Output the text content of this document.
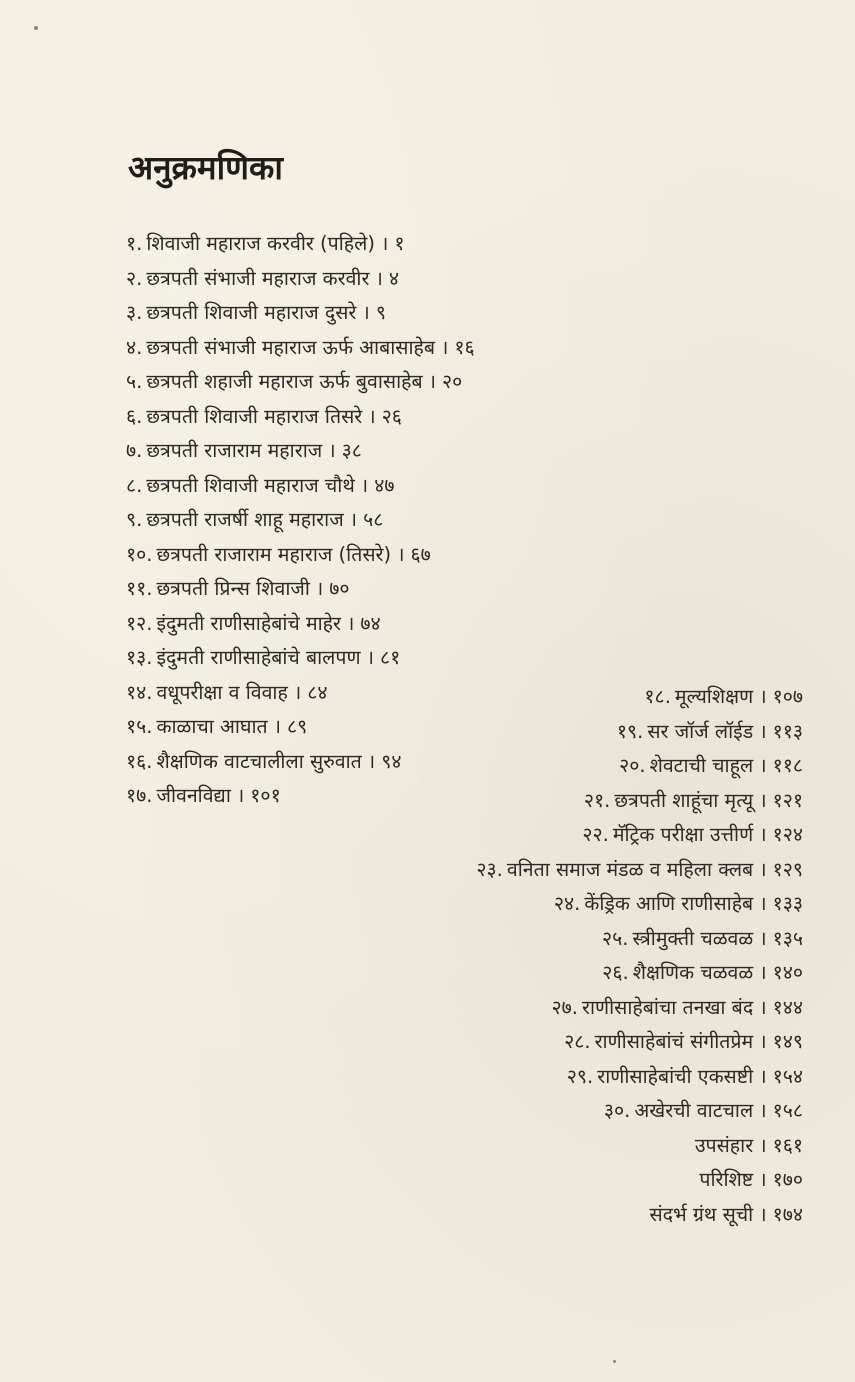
अनुक्रमणिका
१. शिवाजी महाराज करवीर (पहिले) । १
२. छत्रपती संभाजी महाराज करवीर । ४
३. छत्रपती शिवाजी महाराज दुसरे । ९
४. छत्रपती संभाजी महाराज ऊर्फ आबासाहेब । १६
५. छत्रपती शहाजी महाराज ऊर्फ बुवासाहेब । २०
६. छत्रपती शिवाजी महाराज तिसरे । २६
७. छत्रपती राजाराम महाराज । ३८
८. छत्रपती शिवाजी महाराज चौथे । ४७
९. छत्रपती राजर्षी शाहू महाराज । ५८
१०. छत्रपती राजाराम महाराज (तिसरे) । ६७
११. छत्रपती प्रिन्स शिवाजी । ७०
१२. इंदुमती राणीसाहेबांचे माहेर । ७४
१३. इंदुमती राणीसाहेबांचे बालपण । ८१
१४. वधूपरीक्षा व विवाह । ८४
१५. काळाचा आघात । ८९
१६. शैक्षणिक वाटचालीला सुरुवात । ९४
१७. जीवनविद्या । १०१
१८. मूल्यशिक्षण । १०७
१९. सर जॉर्ज लॉईड । ११३
२०. शेवटाची चाहूल । ११८
२१. छत्रपती शाहूंचा मृत्यू । १२१
२२. मॅट्रिक परीक्षा उत्तीर्ण । १२४
२३. वनिता समाज मंडळ व महिला क्लब । १२९
२४. केंड्रिक आणि राणीसाहेब । १३३
२५. स्त्रीमुक्ती चळवळ । १३५
२६. शैक्षणिक चळवळ । १४०
२७. राणीसाहेबांचा तनखा बंद । १४४
२८. राणीसाहेबांचं संगीतप्रेम । १४९
२९. राणीसाहेबांची एकसष्टी । १५४
३०. अखेरची वाटचाल । १५८
उपसंहार । १६१
परिशिष्ट । १७०
संदर्भ ग्रंथ सूची । १७४
